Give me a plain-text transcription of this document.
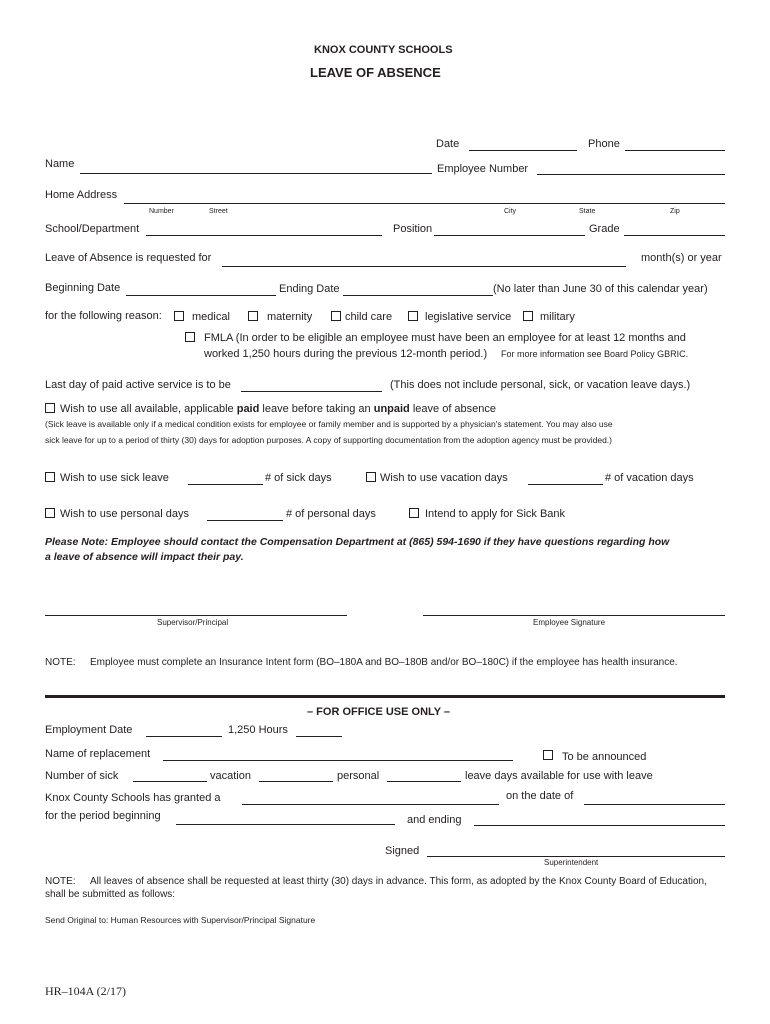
KNOX COUNTY SCHOOLS
LEAVE OF ABSENCE
Date	Phone
Name	Employee Number
Home Address
Number	Street	City	State	Zip
School/Department	Position	Grade
Leave of Absence is requested for	month(s) or year
Beginning Date	Ending Date	(No later than June 30 of this calendar year)
for the following reason:	medical	maternity	child care	legislative service	military
FMLA (In order to be eligible an employee must have been an employee for at least 12 months and
worked 1,250 hours during the previous 12-month period.) For more information see Board Policy GBRIC.
Last day of paid active service is to be	(This does not include personal, sick, or vacation leave days.)
Wish to use all available, applicable paid leave before taking an unpaid leave of absence
(Sick leave is available only if a medical condition exists for employee or family member and is supported by a physician's statement. You may also use
sick leave for up to a period of thirty (30) days for adoption purposes. A copy of supporting documentation from the adoption agency must be provided.)
Wish to use sick leave	# of sick days	Wish to use vacation days	# of vacation days
Wish to use personal days	# of personal days	Intend to apply for Sick Bank
Please Note: Employee should contact the Compensation Department at (865) 594-1690 if they have questions regarding how
a leave of absence will impact their pay.
Supervisor/Principal	Employee Signature
NOTE: Employee must complete an Insurance Intent form (BO–180A and BO–180B and/or BO–180C) if the employee has health insurance.
– FOR OFFICE USE ONLY –
Employment Date	1,250 Hours
Name of replacement	To be announced
Number of sick	vacation	personal	leave days available for use with leave
Knox County Schools has granted a	on the date of
for the period beginning	and ending
Signed
Superintendent
NOTE: All leaves of absence shall be requested at least thirty (30) days in advance. This form, as adopted by the Knox County Board of Education,
shall be submitted as follows:
Send Original to: Human Resources with Supervisor/Principal Signature
HR–104A (2/17)
